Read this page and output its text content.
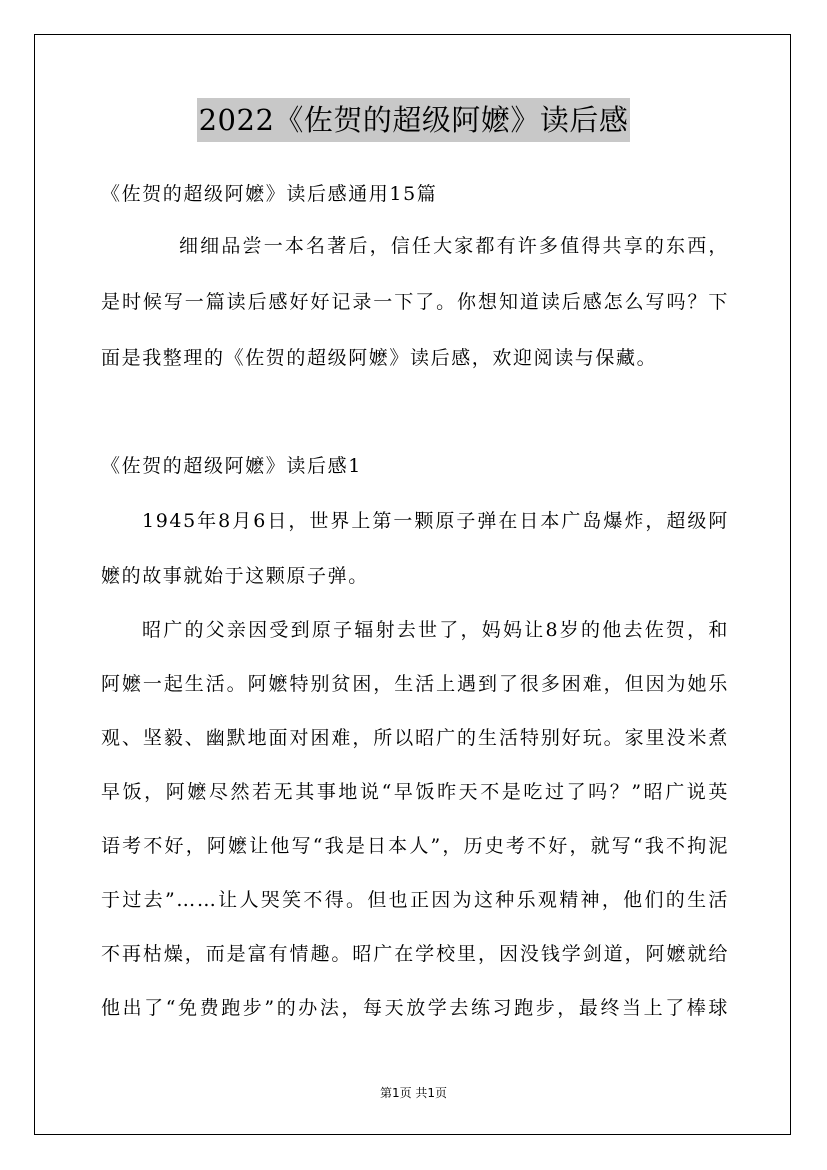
2022《佐贺的超级阿嬷》读后感
《佐贺的超级阿嬷》读后感通用15篇
细细品尝一本名著后，信任大家都有许多值得共享的东西，
是时候写一篇读后感好好记录一下了。你想知道读后感怎么写吗？下
面是我整理的《佐贺的超级阿嬷》读后感，欢迎阅读与保藏。
《佐贺的超级阿嬷》读后感1
1945年8月6日，世界上第一颗原子弹在日本广岛爆炸，超级阿
嬷的故事就始于这颗原子弹。
昭广的父亲因受到原子辐射去世了，妈妈让8岁的他去佐贺，和
阿嬷一起生活。阿嬷特别贫困，生活上遇到了很多困难，但因为她乐
观、坚毅、幽默地面对困难，所以昭广的生活特别好玩。家里没米煮
早饭，阿嬷尽然若无其事地说“早饭昨天不是吃过了吗？”昭广说英
语考不好，阿嬷让他写“我是日本人”，历史考不好，就写“我不拘泥
于过去”……让人哭笑不得。但也正因为这种乐观精神，他们的生活
不再枯燥，而是富有情趣。昭广在学校里，因没钱学剑道，阿嬷就给
他出了“免费跑步”的办法，每天放学去练习跑步，最终当上了棒球
第1页 共1页
